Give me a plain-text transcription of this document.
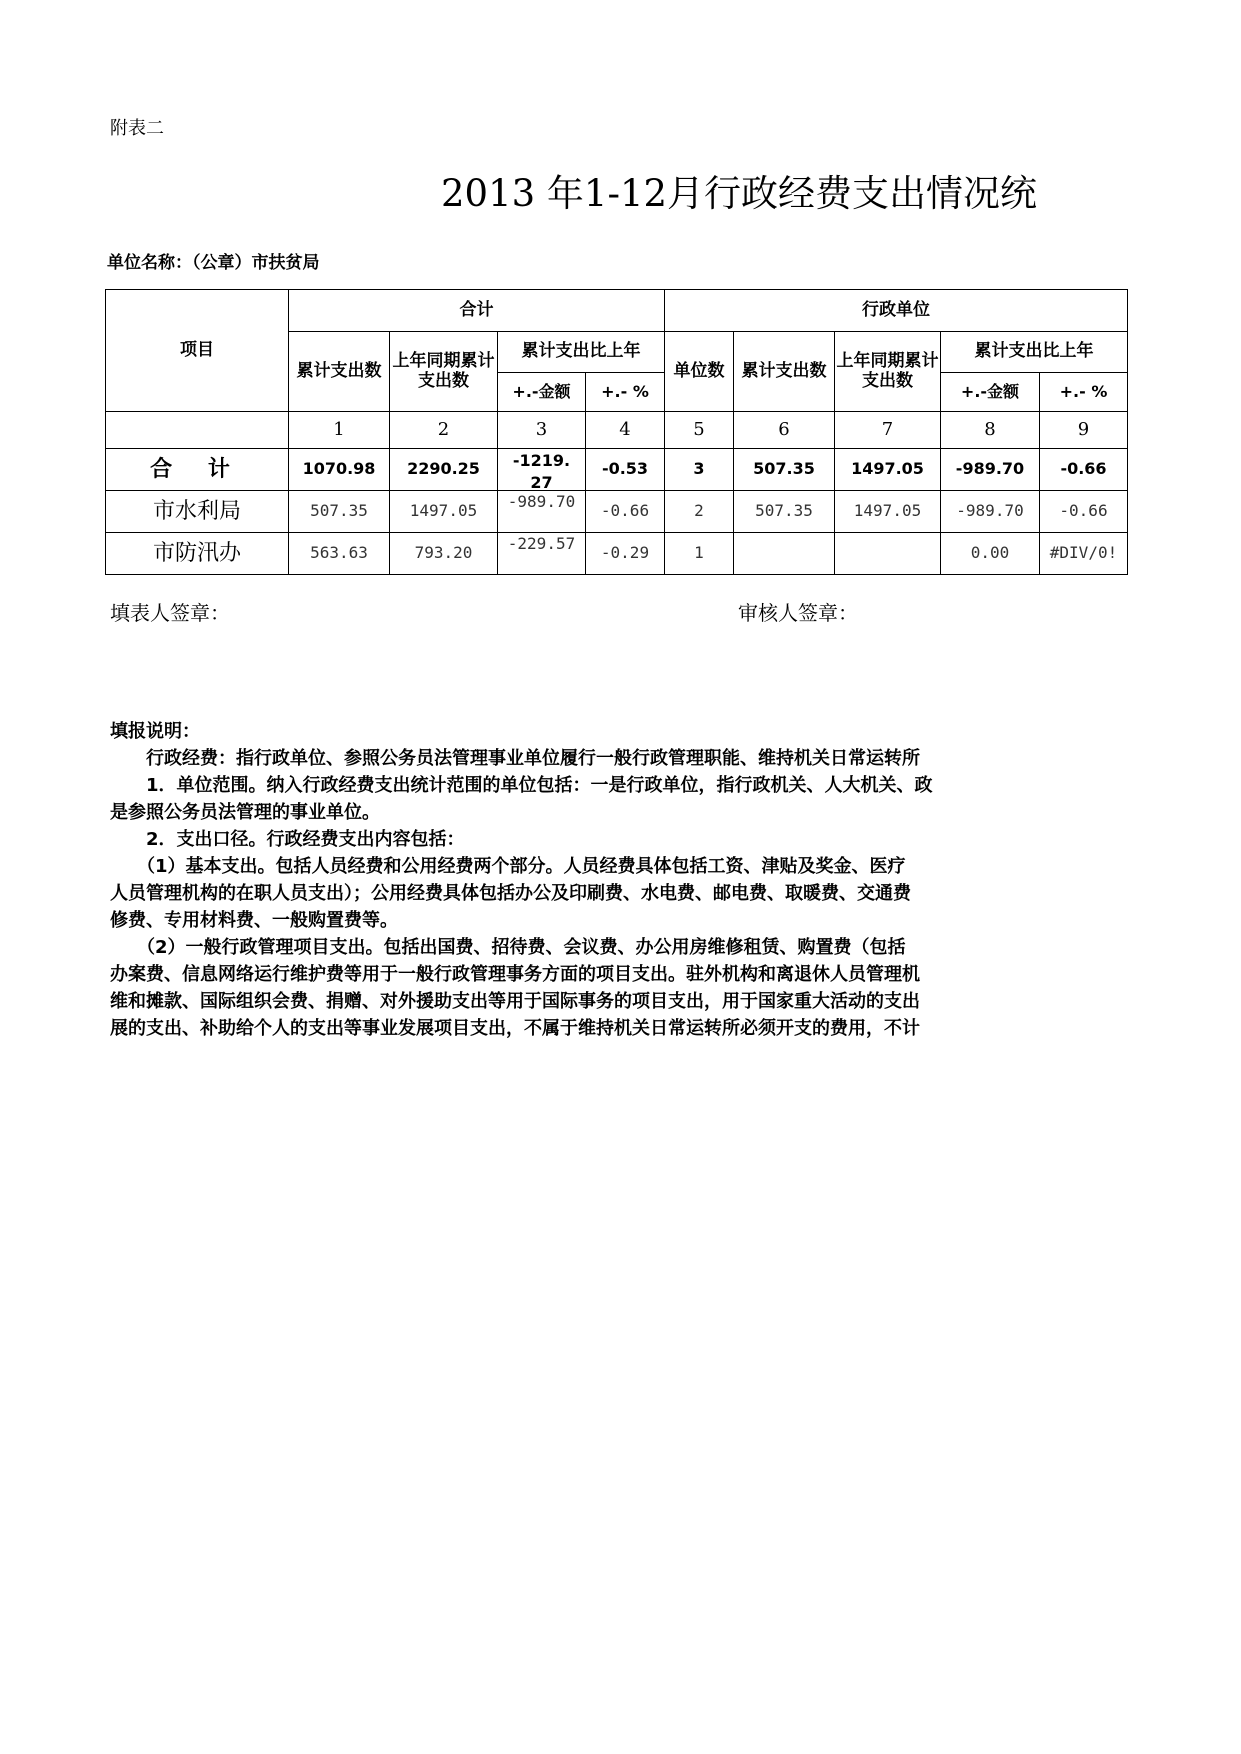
附表二
2013 年1-12月行政经费支出情况统
单位名称：（公章）市扶贫局
项目	合计				行政单位				
	累计支出数	上年同期累计支出数	累计支出比上年		单位数	累计支出数	上年同期累计支出数	累计支出比上年	
			+.-金额	+.- %				+.-金额	+.- %
	1	2	3	4	5	6	7	8	9
合 计	1070.98	2290.25	-1219.27	-0.53	3	507.35	1497.05	-989.70	-0.66
市水利局	507.35	1497.05	-989.70	-0.66	2	507.35	1497.05	-989.70	-0.66
市防汛办	563.63	793.20	-229.57	-0.29	1			0.00	#DIV/0!
填表人签章：	审核人签章：
填报说明：
　　行政经费：指行政单位、参照公务员法管理事业单位履行一般行政管理职能、维持机关日常运转所
　　1．单位范围。纳入行政经费支出统计范围的单位包括：一是行政单位，指行政机关、人大机关、政
是参照公务员法管理的事业单位。
　　2．支出口径。行政经费支出内容包括：
　　（1）基本支出。包括人员经费和公用经费两个部分。人员经费具体包括工资、津贴及奖金、医疗
人员管理机构的在职人员支出）；公用经费具体包括办公及印刷费、水电费、邮电费、取暖费、交通费
修费、专用材料费、一般购置费等。
　　（2）一般行政管理项目支出。包括出国费、招待费、会议费、办公用房维修租赁、购置费（包括
办案费、信息网络运行维护费等用于一般行政管理事务方面的项目支出。驻外机构和离退休人员管理机
维和摊款、国际组织会费、捐赠、对外援助支出等用于国际事务的项目支出，用于国家重大活动的支出
展的支出、补助给个人的支出等事业发展项目支出，不属于维持机关日常运转所必须开支的费用，不计
